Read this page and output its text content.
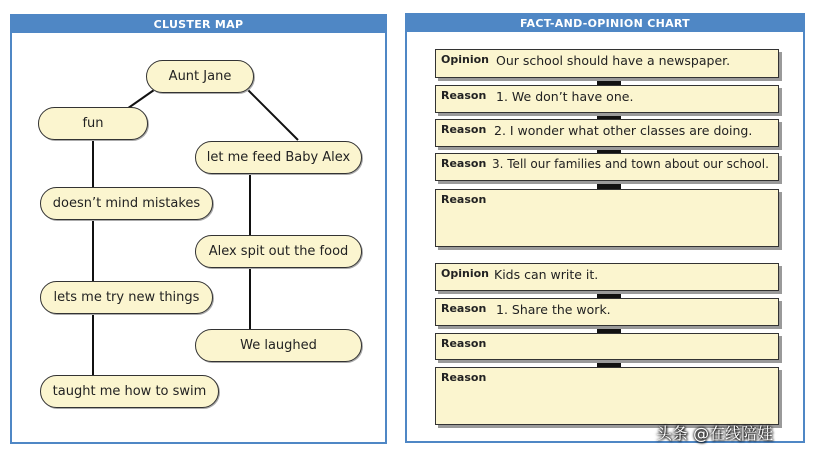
CLUSTER MAP
Aunt Jane
fun
let me feed Baby Alex
doesn’t mind mistakes
Alex spit out the food
lets me try new things
We laughed
taught me how to swim
FACT-AND-OPINION CHART
Opinion Our school should have a newspaper.
Reason 1. We don’t have one.
Reason 2. I wonder what other classes are doing.
Reason 3. Tell our families and town about our school.
Reason
Opinion Kids can write it.
Reason 1. Share the work.
Reason
Reason
头条 @在线陪娃
